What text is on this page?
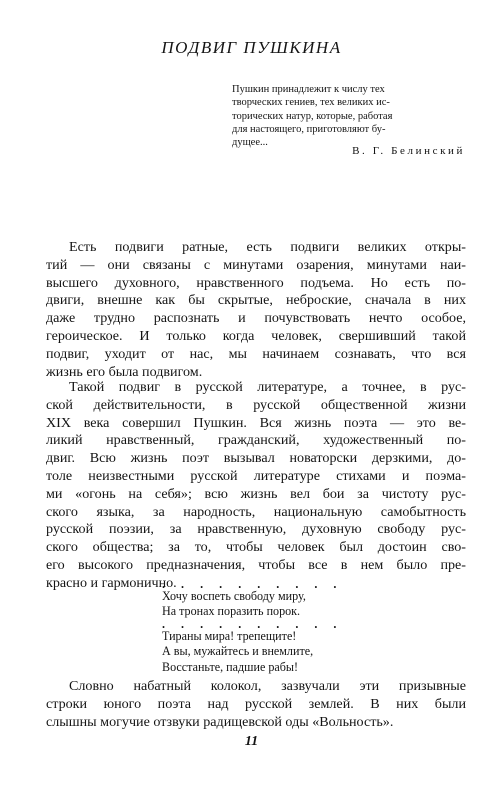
ПОДВИГ ПУШКИНА
Пушкин принадлежит к числу тех
творческих гениев, тех великих ис-
торических натур, которые, работая
для настоящего, приготовляют бу-
дущее...
В. Г. Белинский
Есть подвиги ратные, есть подвиги великих откры-
тий — они связаны с минутами озарения, минутами наи-
высшего духовного, нравственного подъема. Но есть по-
двиги, внешне как бы скрытые, неброские, сначала в них
даже трудно распознать и почувствовать нечто особое,
героическое. И только когда человек, свершивший такой
подвиг, уходит от нас, мы начинаем сознавать, что вся
жизнь его была подвигом.
Такой подвиг в русской литературе, а точнее, в рус-
ской действительности, в русской общественной жизни
XIX века совершил Пушкин. Вся жизнь поэта — это ве-
ликий нравственный, гражданский, художественный по-
двиг. Всю жизнь поэт вызывал новаторски дерзкими, до-
толе неизвестными русской литературе стихами и поэма-
ми «огонь на себя»; всю жизнь вел бои за чистоту рус-
ского языка, за народность, национальную самобытность
русской поэзии, за нравственную, духовную свободу рус-
ского общества; за то, чтобы человек был достоин сво-
его высокого предназначения, чтобы все в нем было пре-
красно и гармонично.
. . . . . . . . . .
Хочу воспеть свободу миру,
На тронах поразить порок.
. . . . . . . . . .
Тираны мира! трепещите!
А вы, мужайтесь и внемлите,
Восстаньте, падшие рабы!
Словно набатный колокол, зазвучали эти призывные
строки юного поэта над русской землей. В них были
слышны могучие отзвуки радищевской оды «Вольность».
11
